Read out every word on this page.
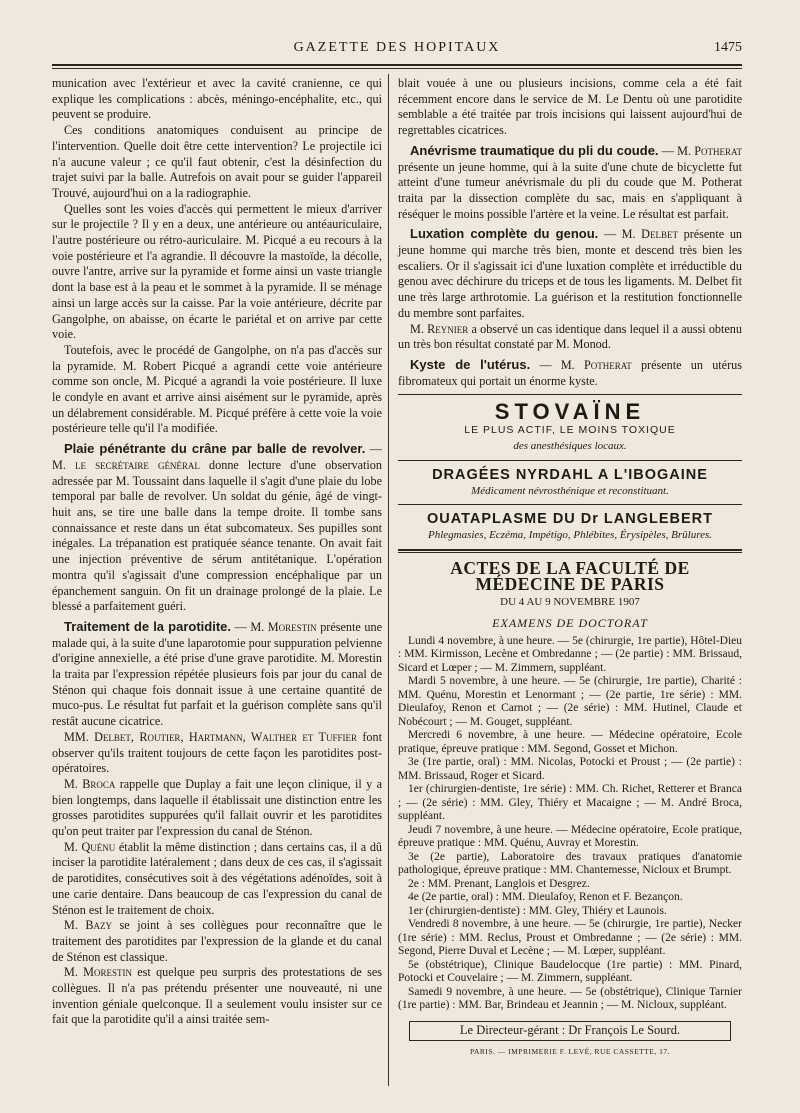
GAZETTE DES HOPITAUX	1475

munication avec l'extérieur et avec la cavité cranienne, ce qui explique les complications : abcès, méningo-encéphalite, etc., qui peuvent se produire.

Ces conditions anatomiques conduisent au principe de l'intervention. Quelle doit être cette intervention? Le projectile ici n'a aucune valeur ; ce qu'il faut obtenir, c'est la désinfection du trajet suivi par la balle. Autrefois on avait pour se guider l'appareil Trouvé, aujourd'hui on a la radiographie.

Quelles sont les voies d'accès qui permettent le mieux d'arriver sur le projectile ? Il y en a deux, une antérieure ou antéauriculaire, l'autre postérieure ou rétro-auriculaire. M. Picqué a eu recours à la voie postérieure et l'a agrandie. Il découvre la mastoïde, la décolle, ouvre l'antre, arrive sur la pyramide et forme ainsi un vaste triangle dont la base est à la peau et le sommet à la pyramide. Il se ménage ainsi un large accès sur la caisse. Par la voie antérieure, décrite par Gangolphe, on abaisse, on écarte le pariétal et on arrive par cette voie.

Toutefois, avec le procédé de Gangolphe, on n'a pas d'accès sur la pyramide. M. Robert Picqué a agrandi cette voie antérieure comme son oncle, M. Picqué a agrandi la voie postérieure. Il luxe le condyle en avant et arrive ainsi aisément sur le pyramide, après un délabrement considérable. M. Picqué préfère à cette voie la voie postérieure telle qu'il l'a modifiée.

Plaie pénétrante du crâne par balle de revolver. — M. le secrétaire général donne lecture d'une observation adressée par M. Toussaint dans laquelle il s'agit d'une plaie du lobe temporal par balle de revolver. Un soldat du génie, âgé de vingt-huit ans, se tire une balle dans la tempe droite. Il tombe sans connaissance et reste dans un état subcomateux. Ses pupilles sont inégales. La trépanation est pratiquée séance tenante. On avait fait une injection préventive de sérum antitétanique. L'opération montra qu'il s'agissait d'une compression encéphalique par un épanchement sanguin. On fit un drainage prolongé de la plaie. Le blessé a parfaitement guéri.

Traitement de la parotidite. — M. Morestin présente une malade qui, à la suite d'une laparotomie pour suppuration pelvienne d'origine annexielle, a été prise d'une grave parotidite. M. Morestin la traita par l'expression répétée plusieurs fois par jour du canal de Sténon qui chaque fois donnait issue à une certaine quantité de muco-pus. Le résultat fut parfait et la guérison complète sans qu'il restât aucune cicatrice.

MM. Delbet, Routier, Hartmann, Walther et Tuffier font observer qu'ils traitent toujours de cette façon les parotidites post-opératoires.

M. Broca rappelle que Duplay a fait une leçon clinique, il y a bien longtemps, dans laquelle il établissait une distinction entre les grosses parotidites suppurées qu'il fallait ouvrir et les parotidites qu'on peut traiter par l'expression du canal de Sténon.

M. Quénu établit la même distinction ; dans certains cas, il a dû inciser la parotidite latéralement ; dans deux de ces cas, il s'agissait de parotidites, consécutives soit à des végétations adénoïdes, soit à une carie dentaire. Dans beaucoup de cas l'expression du canal de Sténon est le traitement de choix.

M. Bazy se joint à ses collègues pour reconnaître que le traitement des parotidites par l'expression de la glande et du canal de Sténon est classique.

M. Morestin est quelque peu surpris des protestations de ses collègues. Il n'a pas prétendu présenter une nouveauté, ni une invention géniale quelconque. Il a seulement voulu insister sur ce fait que la parotidite qu'il a ainsi traitée sem-

blait vouée à une ou plusieurs incisions, comme cela a été fait récemment encore dans le service de M. Le Dentu où une parotidite semblable a été traitée par trois incisions qui laissent aujourd'hui de regrettables cicatrices.

Anévrisme traumatique du pli du coude. — M. Potherat présente un jeune homme, qui à la suite d'une chute de bicyclette fut atteint d'une tumeur anévrismale du pli du coude que M. Potherat traita par la dissection complète du sac, mais en s'appliquant à réséquer le moins possible l'artère et la veine. Le résultat est parfait.

Luxation complète du genou. — M. Delbet présente un jeune homme qui marche très bien, monte et descend très bien les escaliers. Or il s'agissait ici d'une luxation complète et irréductible du genou avec déchirure du triceps et de tous les ligaments. M. Delbet fit une très large arthrotomie. La guérison et la restitution fonctionnelle du membre sont parfaites.

M. Reynier a observé un cas identique dans lequel il a aussi obtenu un très bon résultat constaté par M. Monod.

Kyste de l'utérus. — M. Potherat présente un utérus fibromateux qui portait un énorme kyste.

STOVAÏNE
LE PLUS ACTIF, LE MOINS TOXIQUE
des anesthésiques locaux.
DRAGÉES NYRDAHL A L'IBOGAINE
Médicament névrosthénique et reconstituant.
OUATAPLASME DU Dr LANGLEBERT
Phlegmasies, Eczéma, Impétigo, Phlébites, Érysipèles, Brûlures.
ACTES DE LA FACULTÉ DE MÉDECINE DE PARIS
DU 4 AU 9 NOVEMBRE 1907
EXAMENS DE DOCTORAT

Lundi 4 novembre, à une heure. — 5e (chirurgie, 1re partie), Hôtel-Dieu : MM. Kirmisson, Lecène et Ombredanne ; — (2e partie) : MM. Brissaud, Sicard et Lœper ; — M. Zimmern, suppléant.

Mardi 5 novembre, à une heure. — 5e (chirurgie, 1re partie), Charité : MM. Quénu, Morestin et Lenormant ; — (2e partie, 1re série) : MM. Dieulafoy, Renon et Carnot ; — (2e série) : MM. Hutinel, Claude et Nobécourt ; — M. Gouget, suppléant.

Mercredi 6 novembre, à une heure. — Médecine opératoire, Ecole pratique, épreuve pratique : MM. Segond, Gosset et Michon.

3e (1re partie, oral) : MM. Nicolas, Potocki et Proust ; — (2e partie) : MM. Brissaud, Roger et Sicard.

1er (chirurgien-dentiste, 1re série) : MM. Ch. Richet, Retterer et Branca ; — (2e série) : MM. Gley, Thiéry et Macaigne ; — M. André Broca, suppléant.

Jeudi 7 novembre, à une heure. — Médecine opératoire, Ecole pratique, épreuve pratique : MM. Quénu, Auvray et Morestin.

3e (2e partie), Laboratoire des travaux pratiques d'anatomie pathologique, épreuve pratique : MM. Chantemesse, Nicloux et Brumpt.

2e : MM. Prenant, Langlois et Desgrez.

4e (2e partie, oral) : MM. Dieulafoy, Renon et F. Bezançon.

1er (chirurgien-dentiste) : MM. Gley, Thiéry et Launois.

Vendredi 8 novembre, à une heure. — 5e (chirurgie, 1re partie), Necker (1re série) : MM. Reclus, Proust et Ombredanne ; — (2e série) : MM. Segond, Pierre Duval et Lecène ; — M. Lœper, suppléant.

5e (obstétrique), Clinique Baudelocque (1re partie) : MM. Pinard, Potocki et Couvelaire ; — M. Zimmern, suppléant.

Samedi 9 novembre, à une heure. — 5e (obstétrique), Clinique Tarnier (1re partie) : MM. Bar, Brindeau et Jeannin ; — M. Nicloux, suppléant.

Le Directeur-gérant : Dr François Le Sourd.
PARIS. — IMPRIMERIE F. LEVÉ, RUE CASSETTE, 17.
